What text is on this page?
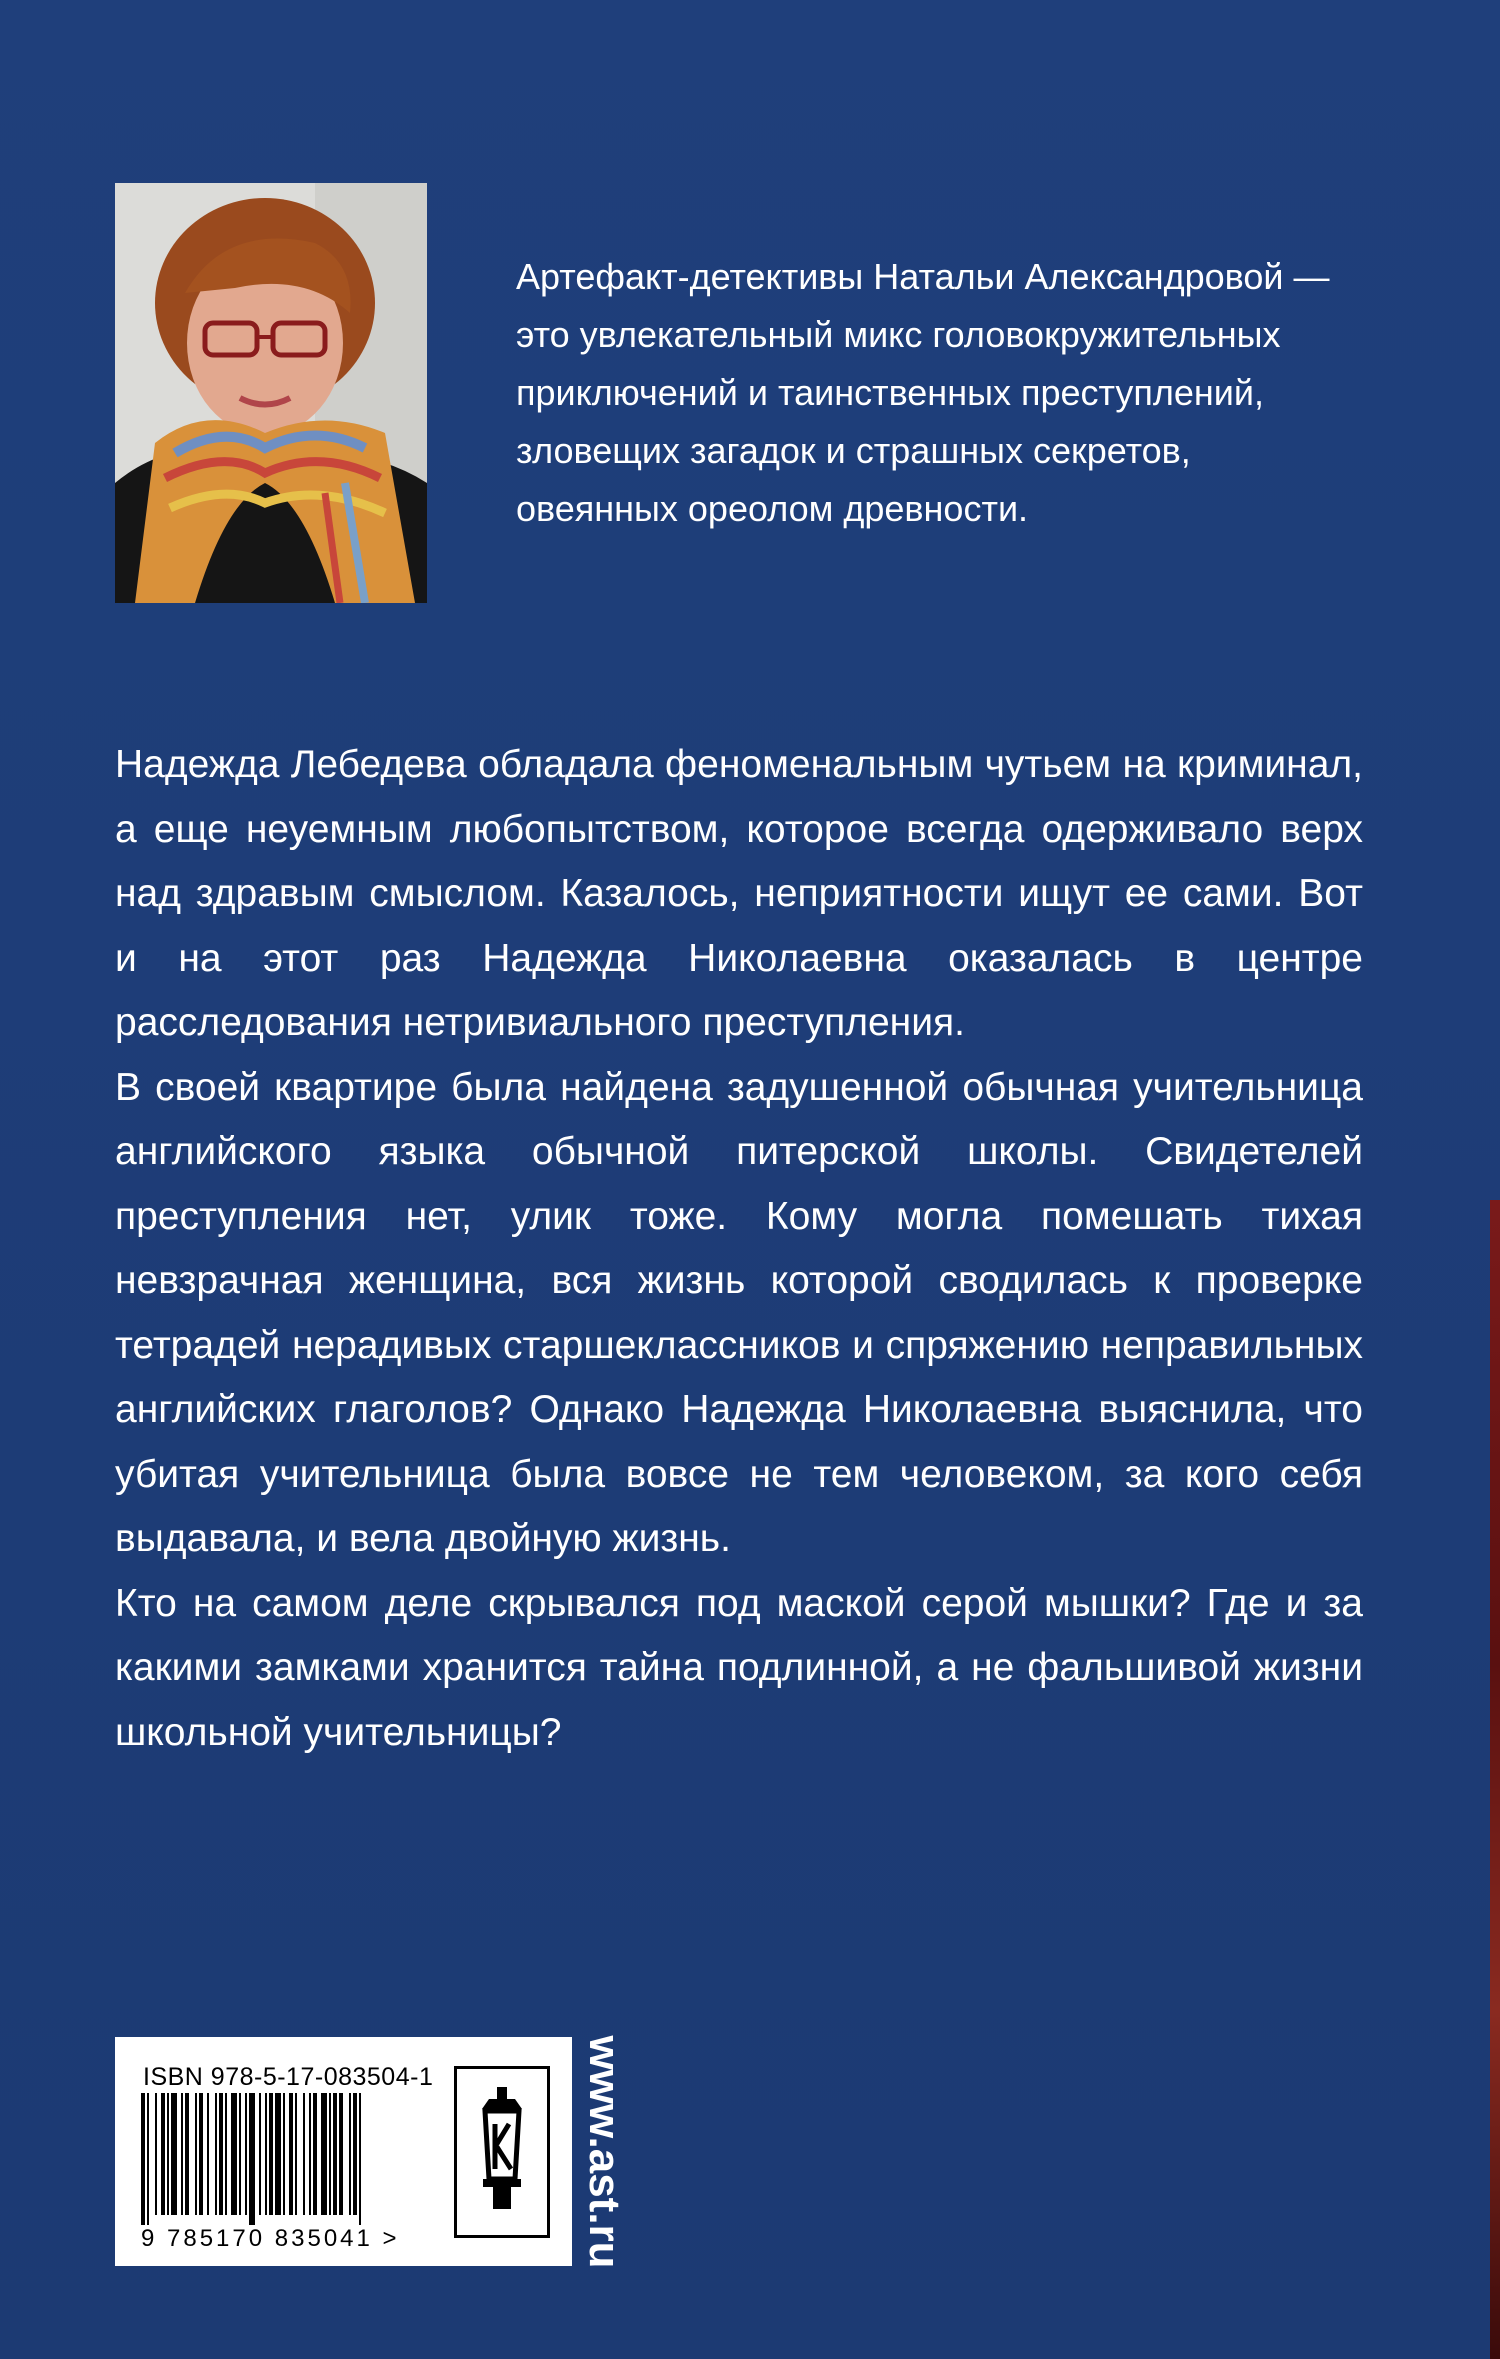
Артефакт-детективы Натальи Александровой —

это увлекательный микс головокружительных

приключений и таинственных преступлений,

зловещих загадок и страшных секретов,

овеянных ореолом древности.

Надежда Лебедева обладала феноменальным чутьем на криминал, а еще неуемным любопытством, которое всегда одерживало верх над здравым смыслом. Казалось, неприятности ищут ее сами. Вот и на этот раз Надежда Николаевна оказалась в центре расследования нетривиального преступления.

В своей квартире была найдена задушенной обычная учительница английского языка обычной питерской школы. Свидетелей преступления нет, улик тоже. Кому могла помешать тихая невзрачная женщина, вся жизнь которой сводилась к проверке тетрадей нерадивых старшеклассников и спряжению неправильных английских глаголов? Однако Надежда Николаевна выяснила, что убитая учительница была вовсе не тем человеком, за кого себя выдавала, и вела двойную жизнь.

Кто на самом деле скрывался под маской серой мышки? Где и за какими замками хранится тайна подлинной, а не фальшивой жизни школьной учительницы?

ISBN 978-5-17-083504-1
9 785170 835041 >	www.ast.ru
